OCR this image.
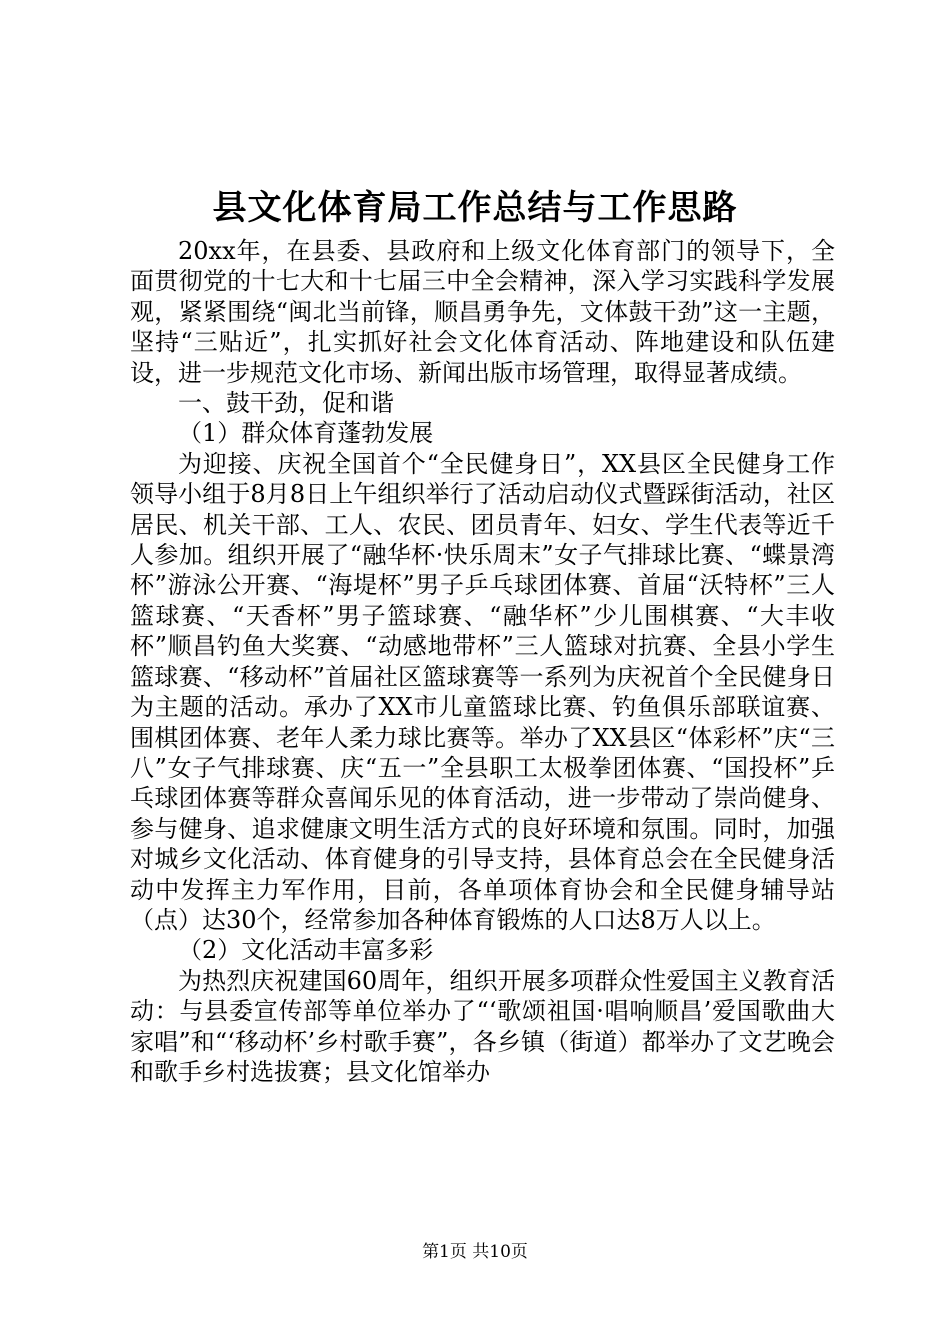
县文化体育局工作总结与工作思路

20xx年，在县委、县政府和上级文化体育部门的领导下，全面贯彻党的十七大和十七届三中全会精神，深入学习实践科学发展观，紧紧围绕“闽北当前锋，顺昌勇争先，文体鼓干劲”这一主题，坚持“三贴近”，扎实抓好社会文化体育活动、阵地建设和队伍建设，进一步规范文化市场、新闻出版市场管理，取得显著成绩。

一、鼓干劲，促和谐

（1）群众体育蓬勃发展

为迎接、庆祝全国首个“全民健身日”，XX县区全民健身工作领导小组于8月8日上午组织举行了活动启动仪式暨踩街活动，社区居民、机关干部、工人、农民、团员青年、妇女、学生代表等近千人参加。组织开展了“融华杯·快乐周末”女子气排球比赛、“蝶景湾杯”游泳公开赛、“海堤杯”男子乒乓球团体赛、首届“沃特杯”三人篮球赛、“天香杯”男子篮球赛、“融华杯”少儿围棋赛、“大丰收杯”顺昌钓鱼大奖赛、“动感地带杯”三人篮球对抗赛、全县小学生篮球赛、“移动杯”首届社区篮球赛等一系列为庆祝首个全民健身日为主题的活动。承办了XX市儿童篮球比赛、钓鱼俱乐部联谊赛、围棋团体赛、老年人柔力球比赛等。举办了XX县区“体彩杯”庆“三八”女子气排球赛、庆“五一”全县职工太极拳团体赛、“国投杯”乒乓球团体赛等群众喜闻乐见的体育活动，进一步带动了崇尚健身、参与健身、追求健康文明生活方式的良好环境和氛围。同时，加强对城乡文化活动、体育健身的引导支持，县体育总会在全民健身活动中发挥主力军作用，目前，各单项体育协会和全民健身辅导站（点）达30个，经常参加各种体育锻炼的人口达8万人以上。

（2）文化活动丰富多彩

为热烈庆祝建国60周年，组织开展多项群众性爱国主义教育活动：与县委宣传部等单位举办了“‘歌颂祖国·唱响顺昌’爱国歌曲大家唱”和“‘移动杯’乡村歌手赛”，各乡镇（街道）都举办了文艺晚会和歌手乡村选拔赛；县文化馆举办

第1页 共10页
